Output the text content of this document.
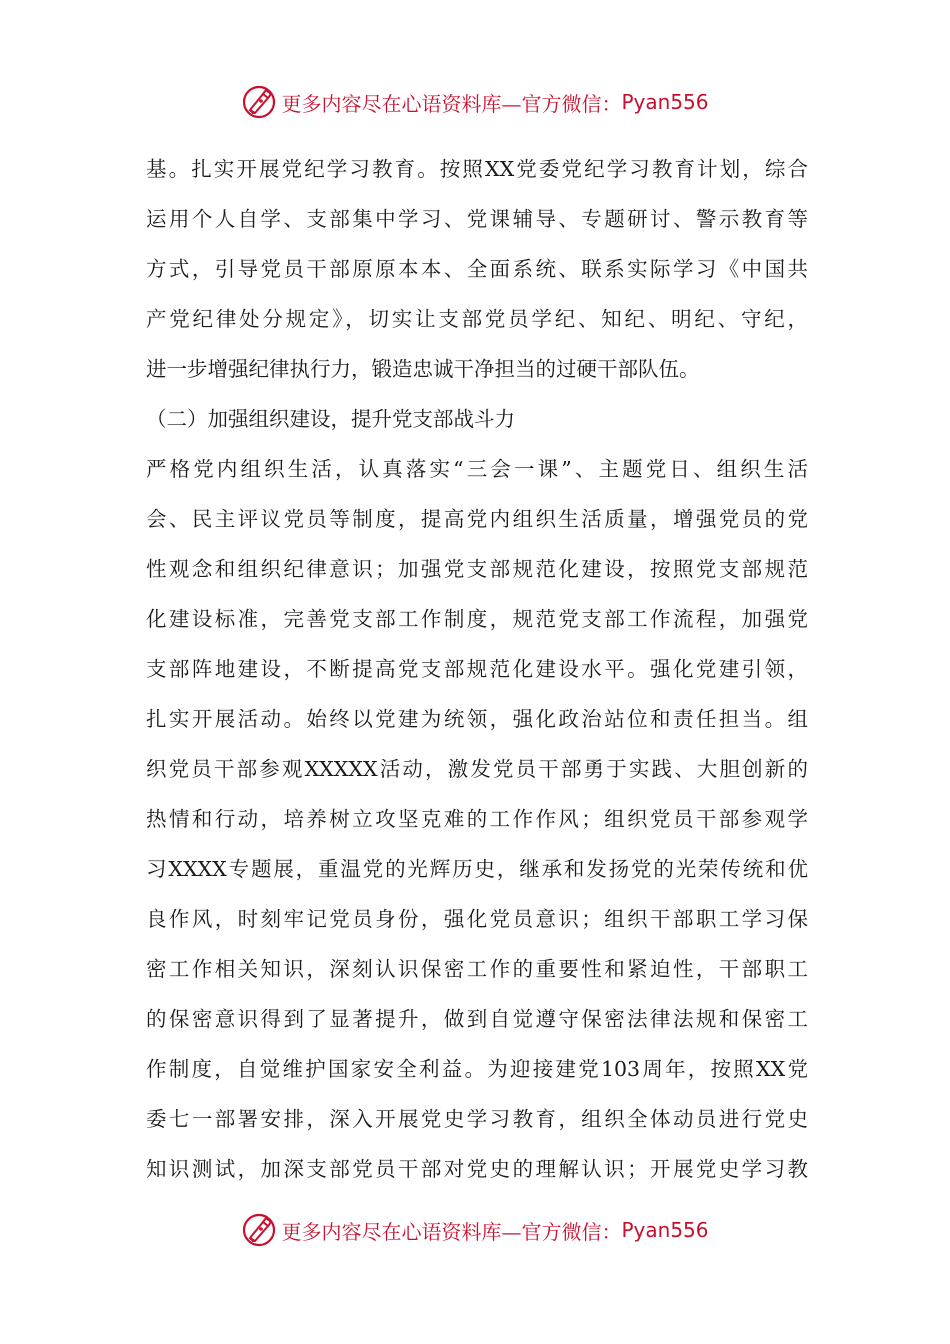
更多内容尽在心语资料库—官方微信： Pyan556
基。扎实开展党纪学习教育。按照XX党委党纪学习教育计划，综合
运用个人自学、支部集中学习、党课辅导、专题研讨、警示教育等
方式，引导党员干部原原本本、全面系统、联系实际学习《中国共
产党纪律处分规定》，切实让支部党员学纪、知纪、明纪、守纪，
进一步增强纪律执行力，锻造忠诚干净担当的过硬干部队伍。
（二）加强组织建设，提升党支部战斗力
严格党内组织生活，认真落实“三会一课”、主题党日、组织生活
会、民主评议党员等制度，提高党内组织生活质量，增强党员的党
性观念和组织纪律意识；加强党支部规范化建设，按照党支部规范
化建设标准，完善党支部工作制度，规范党支部工作流程，加强党
支部阵地建设，不断提高党支部规范化建设水平。强化党建引领，
扎实开展活动。始终以党建为统领，强化政治站位和责任担当。组
织党员干部参观XXXXX活动，激发党员干部勇于实践、大胆创新的
热情和行动，培养树立攻坚克难的工作作风；组织党员干部参观学
习XXXX专题展，重温党的光辉历史，继承和发扬党的光荣传统和优
良作风，时刻牢记党员身份，强化党员意识；组织干部职工学习保
密工作相关知识，深刻认识保密工作的重要性和紧迫性，干部职工
的保密意识得到了显著提升，做到自觉遵守保密法律法规和保密工
作制度，自觉维护国家安全利益。为迎接建党103周年，按照XX党
委七一部署安排，深入开展党史学习教育，组织全体动员进行党史
知识测试，加深支部党员干部对党史的理解认识；开展党史学习教
更多内容尽在心语资料库—官方微信： Pyan556
